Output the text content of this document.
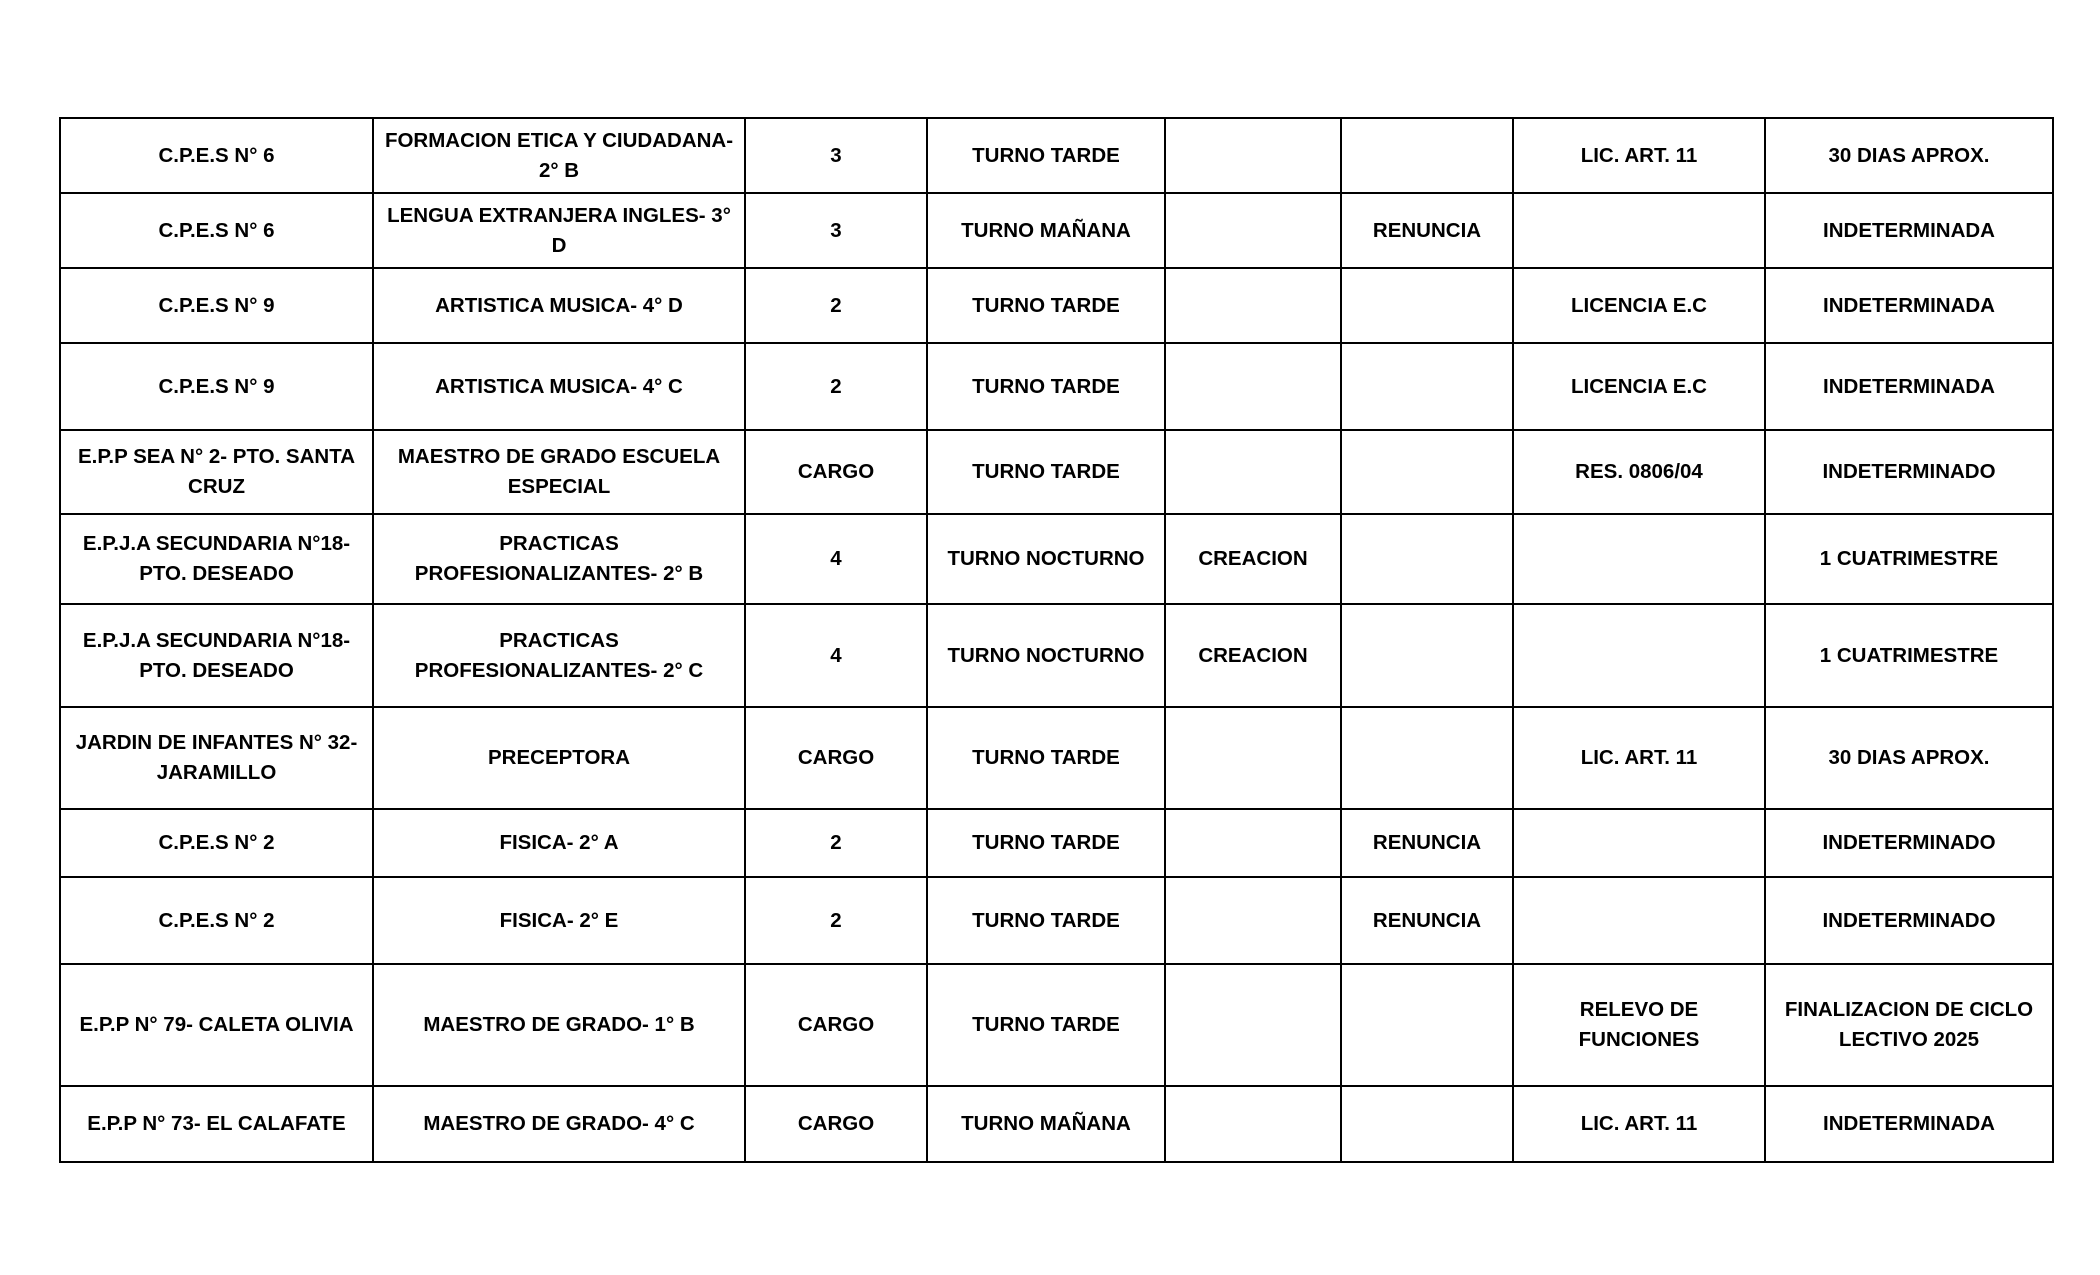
C.P.E.S N° 6	FORMACION ETICA Y CIUDADANA- 2° B	3	TURNO TARDE			LIC. ART. 11	30 DIAS APROX.
C.P.E.S N° 6	LENGUA EXTRANJERA INGLES- 3° D	3	TURNO MAÑANA		RENUNCIA		INDETERMINADA
C.P.E.S N° 9	ARTISTICA MUSICA- 4° D	2	TURNO TARDE			LICENCIA E.C	INDETERMINADA
C.P.E.S N° 9	ARTISTICA MUSICA- 4° C	2	TURNO TARDE			LICENCIA E.C	INDETERMINADA
E.P.P SEA N° 2- PTO. SANTA CRUZ	MAESTRO DE GRADO ESCUELA ESPECIAL	CARGO	TURNO TARDE			RES. 0806/04	INDETERMINADO
E.P.J.A SECUNDARIA N°18- PTO. DESEADO	PRACTICAS PROFESIONALIZANTES- 2° B	4	TURNO NOCTURNO	CREACION			1 CUATRIMESTRE
E.P.J.A SECUNDARIA N°18- PTO. DESEADO	PRACTICAS PROFESIONALIZANTES- 2° C	4	TURNO NOCTURNO	CREACION			1 CUATRIMESTRE
JARDIN DE INFANTES N° 32- JARAMILLO	PRECEPTORA	CARGO	TURNO TARDE			LIC. ART. 11	30 DIAS APROX.
C.P.E.S N° 2	FISICA- 2° A	2	TURNO TARDE		RENUNCIA		INDETERMINADO
C.P.E.S N° 2	FISICA- 2° E	2	TURNO TARDE		RENUNCIA		INDETERMINADO
E.P.P N° 79- CALETA OLIVIA	MAESTRO DE GRADO- 1° B	CARGO	TURNO TARDE			RELEVO DE FUNCIONES	FINALIZACION DE CICLO LECTIVO 2025
E.P.P N° 73- EL CALAFATE	MAESTRO DE GRADO- 4° C	CARGO	TURNO MAÑANA			LIC. ART. 11	INDETERMINADA
